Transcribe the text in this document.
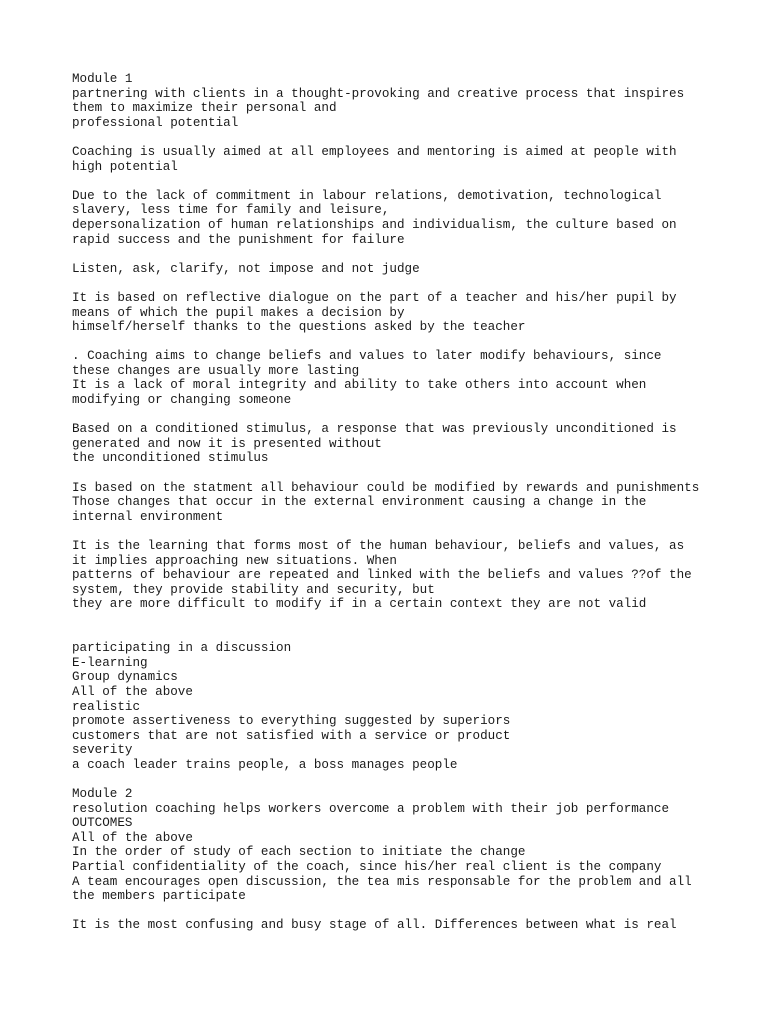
Module 1
partnering with clients in a thought-provoking and creative process that inspires
them to maximize their personal and
professional potential
Coaching is usually aimed at all employees and mentoring is aimed at people with
high potential
Due to the lack of commitment in labour relations, demotivation, technological
slavery, less time for family and leisure,
depersonalization of human relationships and individualism, the culture based on
rapid success and the punishment for failure
Listen, ask, clarify, not impose and not judge
It is based on reflective dialogue on the part of a teacher and his/her pupil by
means of which the pupil makes a decision by
himself/herself thanks to the questions asked by the teacher
. Coaching aims to change beliefs and values to later modify behaviours, since
these changes are usually more lasting
It is a lack of moral integrity and ability to take others into account when
modifying or changing someone
Based on a conditioned stimulus, a response that was previously unconditioned is
generated and now it is presented without
the unconditioned stimulus
Is based on the statment all behaviour could be modified by rewards and punishments
Those changes that occur in the external environment causing a change in the
internal environment
It is the learning that forms most of the human behaviour, beliefs and values, as
it implies approaching new situations. When
patterns of behaviour are repeated and linked with the beliefs and values ??of the
system, they provide stability and security, but
they are more difficult to modify if in a certain context they are not valid
participating in a discussion
E-learning
Group dynamics
All of the above
realistic
promote assertiveness to everything suggested by superiors
customers that are not satisfied with a service or product
severity
a coach leader trains people, a boss manages people
Module 2
resolution coaching helps workers overcome a problem with their job performance
OUTCOMES
All of the above
In the order of study of each section to initiate the change
Partial confidentiality of the coach, since his/her real client is the company
A team encourages open discussion, the tea mis responsable for the problem and all
the members participate
It is the most confusing and busy stage of all. Differences between what is real
